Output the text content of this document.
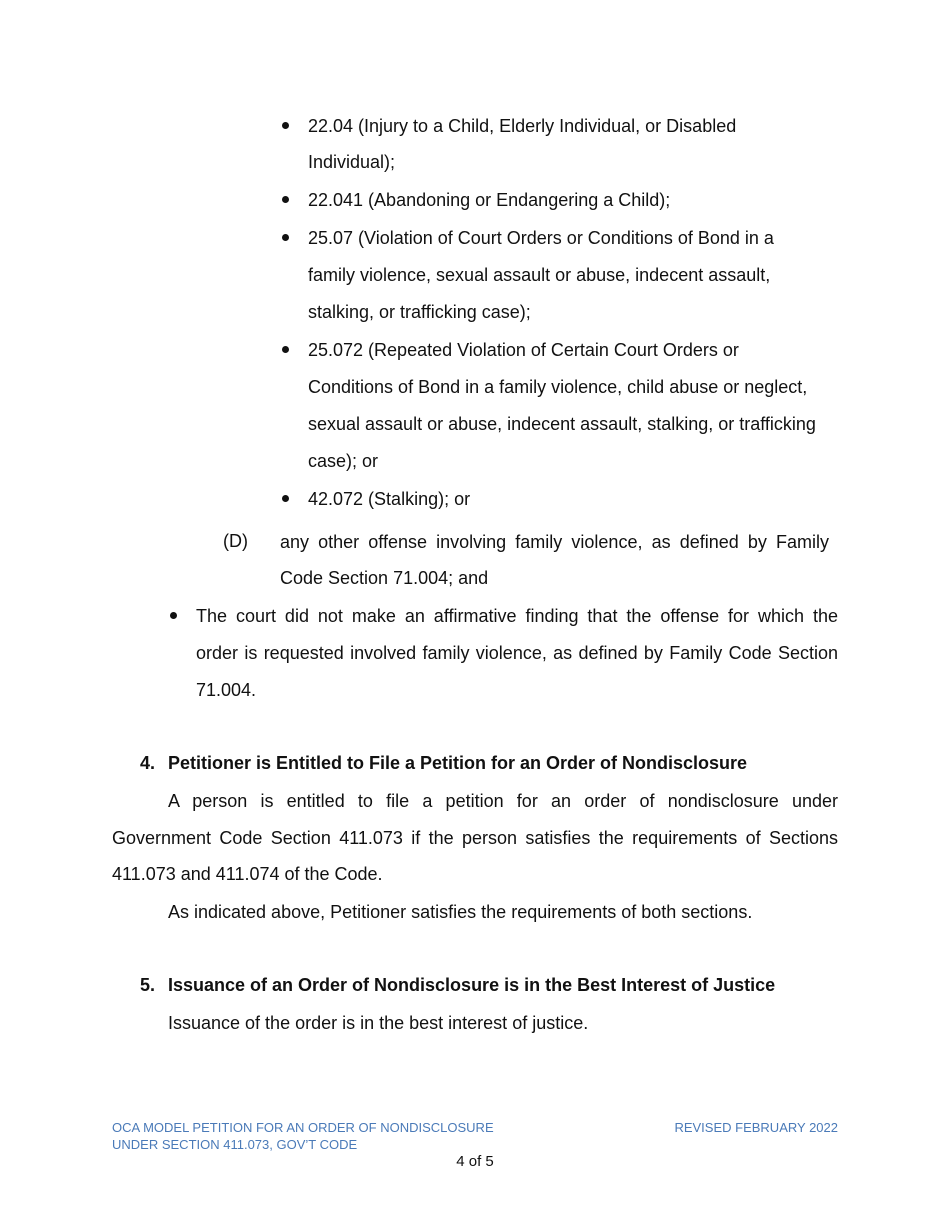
22.04 (Injury to a Child, Elderly Individual, or Disabled
Individual);
22.041 (Abandoning or Endangering a Child);
25.07 (Violation of Court Orders or Conditions of Bond in a
family violence, sexual assault or abuse, indecent assault,
stalking, or trafficking case);
25.072 (Repeated Violation of Certain Court Orders or
Conditions of Bond in a family violence, child abuse or neglect,
sexual assault or abuse, indecent assault, stalking, or trafficking
case); or
42.072 (Stalking); or
(D) any other offense involving family violence, as defined by Family
Code Section 71.004; and
The court did not make an affirmative finding that the offense for which the
order is requested involved family violence, as defined by Family Code Section
71.004.
4. Petitioner is Entitled to File a Petition for an Order of Nondisclosure
A person is entitled to file a petition for an order of nondisclosure under
Government Code Section 411.073 if the person satisfies the requirements of Sections
411.073 and 411.074 of the Code.
As indicated above, Petitioner satisfies the requirements of both sections.
5. Issuance of an Order of Nondisclosure is in the Best Interest of Justice
Issuance of the order is in the best interest of justice.
OCA MODEL PETITION FOR AN ORDER OF NONDISCLOSURE
UNDER SECTION 411.073, GOV’T CODE
REVISED FEBRUARY 2022
4 of 5
